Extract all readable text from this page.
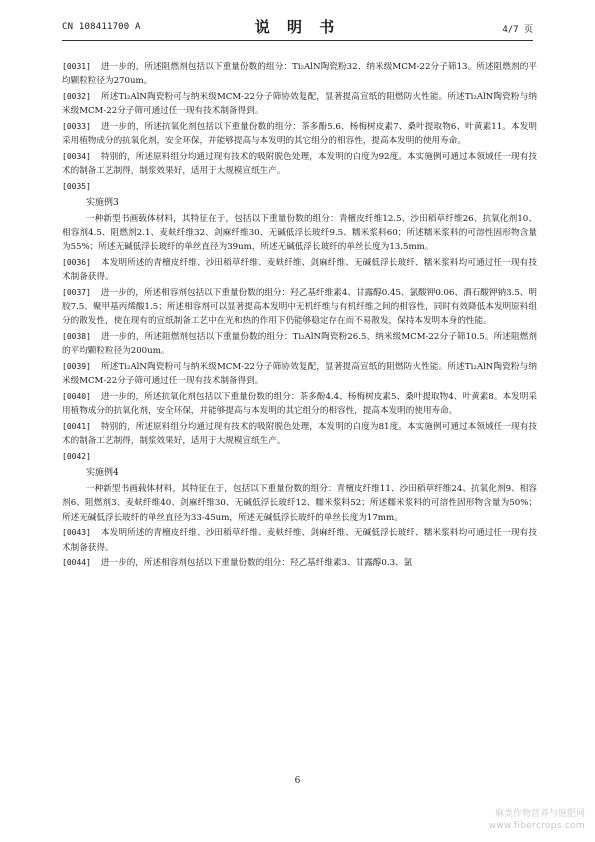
CN 108411700 A	说 明 书	4/7 页
[0031] 进一步的，所述阻燃剂包括以下重量份数的组分：Ti₂AlN陶瓷粉32、纳米级MCM-22分子筛13。所述阻燃剂的平均颗粒粒径为270um。
[0032] 所述Ti₂AlN陶瓷粉可与纳米级MCM-22分子筛协效复配，显著提高宣纸的阻燃防火性能。所述Ti₂AlN陶瓷粉与纳米级MCM-22分子筛可通过任一现有技术制备得到。
[0033] 进一步的，所述抗氧化剂包括以下重量份数的组分：茶多酚5.6、杨梅树皮素7、桑叶提取物6、叶黄素11。本发明采用植物成分的抗氧化剂，安全环保，并能够提高与本发明的其它组分的相容性，提高本发明的使用寿命。
[0034] 特别的，所述原料组分均通过现有技术的吸附脱色处理，本发明的白度为92度。本实施例可通过本领域任一现有技术的制备工艺制得，制浆效果好，适用于大规模宣纸生产。
[0035]
实施例3
一种新型书画载体材料，其特征在于，包括以下重量份数的组分：青檀皮纤维12.5、沙田稻草纤维26、抗氧化剂10、相容剂4.5、阻燃剂2.1、麦麸纤维32、剑麻纤维30、无碱低浮长玻纤9.5、糯米浆料60；所述糯米浆料的可溶性固形物含量为55%；所述无碱低浮长玻纤的单丝直径为39um，所述无碱低浮长玻纤的单丝长度为13.5mm。
[0036] 本发明所述的青檀皮纤维、沙田稻草纤维、麦麸纤维、剑麻纤维、无碱低浮长玻纤、糯米浆料均可通过任一现有技术制备获得。
[0037] 进一步的，所述相容剂包括以下重量份数的组分：羟乙基纤维素4、甘露醇0.45、氯酸钾0.06、酒石酸钾钠3.5、明胶7.5、聚甲基丙烯酸1.5；所述相容剂可以显著提高本发明中无机纤维与有机纤维之间的相容性，同时有效降低本发明原料组分的散发性，使在现有的宣纸制备工艺中在光和热的作用下仍能够稳定存在而不易散发，保持本发明本身的性能。
[0038] 进一步的，所述阻燃剂包括以下重量份数的组分：Ti₂AlN陶瓷粉26.5、纳米级MCM-22分子筛10.5。所述阻燃剂的平均颗粒粒径为200um。
[0039] 所述Ti₂AlN陶瓷粉可与纳米级MCM-22分子筛协效复配，显著提高宣纸的阻燃防火性能。所述Ti₂AlN陶瓷粉与纳米级MCM-22分子筛可通过任一现有技术制备得到。
[0040] 进一步的，所述抗氧化剂包括以下重量份数的组分：茶多酚4.4、杨梅树皮素5、桑叶提取物4、叶黄素8。本发明采用植物成分的抗氧化剂，安全环保，并能够提高与本发明的其它组分的相容性，提高本发明的使用寿命。
[0041] 特别的，所述原料组分均通过现有技术的吸附脱色处理，本发明的白度为81度。本实施例可通过本领域任一现有技术的制备工艺制得，制浆效果好，适用于大规模宣纸生产。
[0042]
实施例4
一种新型书画载体材料，其特征在于，包括以下重量份数的组分：青檀皮纤维11、沙田稻草纤维24、抗氧化剂9、相容剂6、阻燃剂3、麦麸纤维40、剑麻纤维30、无碱低浮长玻纤12、糯米浆料52；所述糯米浆料的可溶性固形物含量为50%；所述无碱低浮长玻纤的单丝直径为33-45um，所述无碱低浮长玻纤的单丝长度为17mm。
[0043] 本发明所述的青檀皮纤维、沙田稻草纤维、麦麸纤维、剑麻纤维、无碱低浮长玻纤、糯米浆料均可通过任一现有技术制备获得。
[0044] 进一步的，所述相容剂包括以下重量份数的组分：羟乙基纤维素3、甘露醇0.3、氯
6
麻类作物营养与施肥网
www.fibercrops.com
